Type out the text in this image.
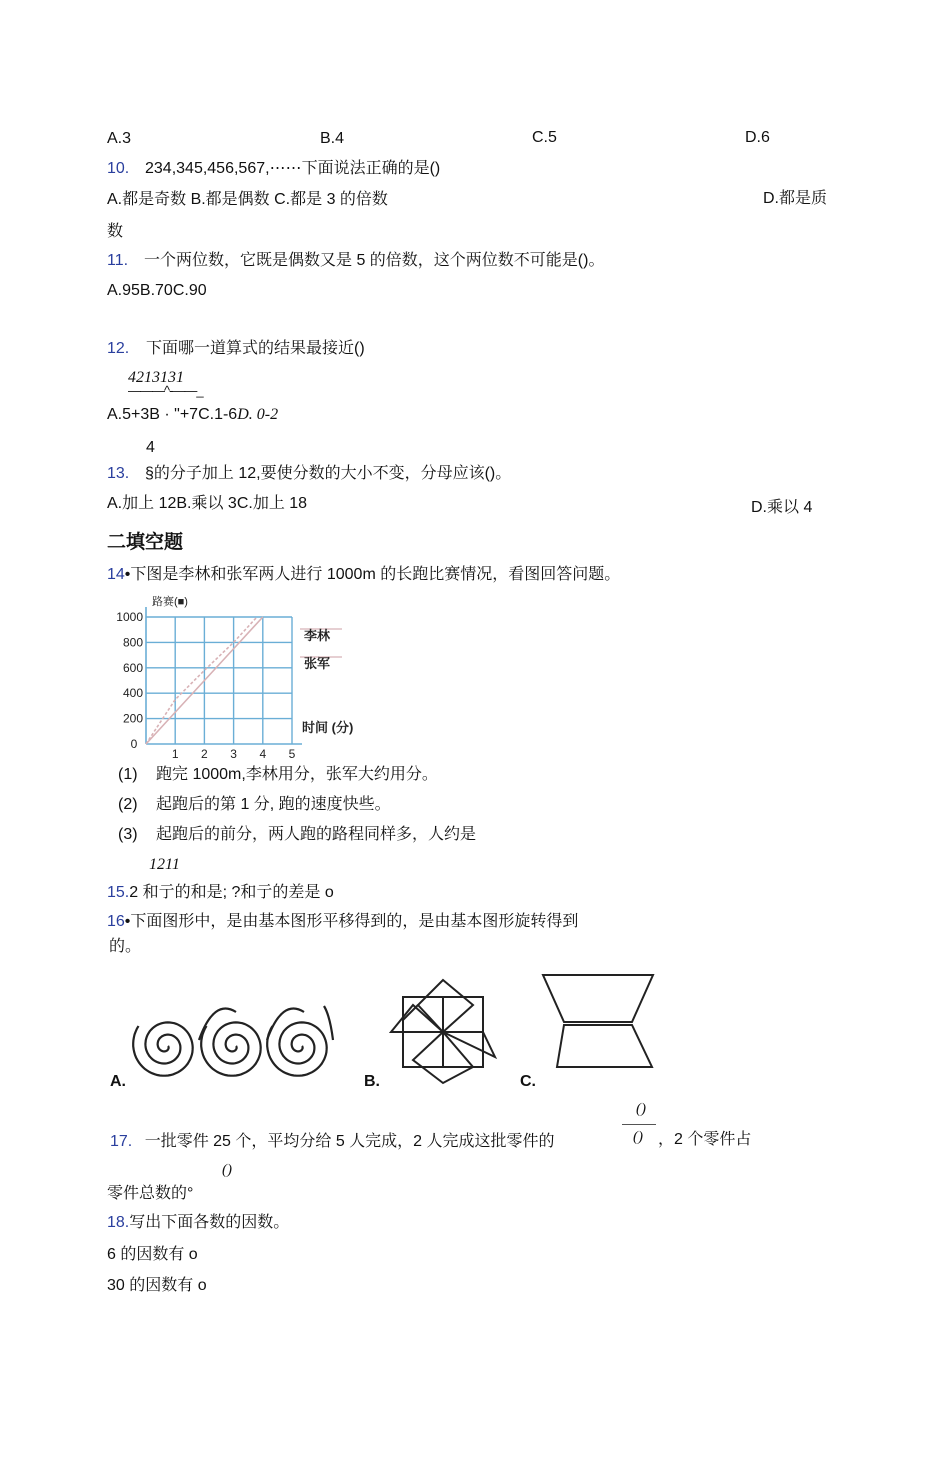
A.3	B.4	C.5	D.6
10. 234,345,456,567,⋯⋯下面说法正确的是()
A.都是奇数 B.都是偶数 C.都是 3 的倍数	D.都是质
数
11. 一个两位数，它既是偶数又是 5 的倍数，这个两位数不可能是()。
A.95B.70C.90
12. 下面哪一道算式的结果最接近()
4213131
———^-——_
A.5+3B · "+7C.1-6D. 0-2
4
13. §的分子加上 12,要使分数的大小不变，分母应该()。
A.加上 12B.乘以 3C.加上 18	D.乘以 4
二填空题
14•下图是李林和张军两人进行 1000m 的长跑比赛情况，看图回答问题。
0
1 2 3 4 5
200
400
600
800
1000
路赛(■)
时间 (分)
李林
张军
(1) 跑完 1000m,李林用分，张军大约用分。
(2) 起跑后的第 1 分, 跑的速度快些。
(3) 起跑后的前分，两人跑的路程同样多，人约是
1211
15.2 和亍的和是; ?和亍的差是 o
16•下面图形中，是由基本图形平移得到的，是由基本图形旋转得到
的。
A.	B.	C.
17. 一批零件 25 个，平均分给 5 人完成，2 人完成这批零件的
()
() ，2 个零件占
()
零件总数的°
18.写出下面各数的因数。
6 的因数有 o
30 的因数有 o
